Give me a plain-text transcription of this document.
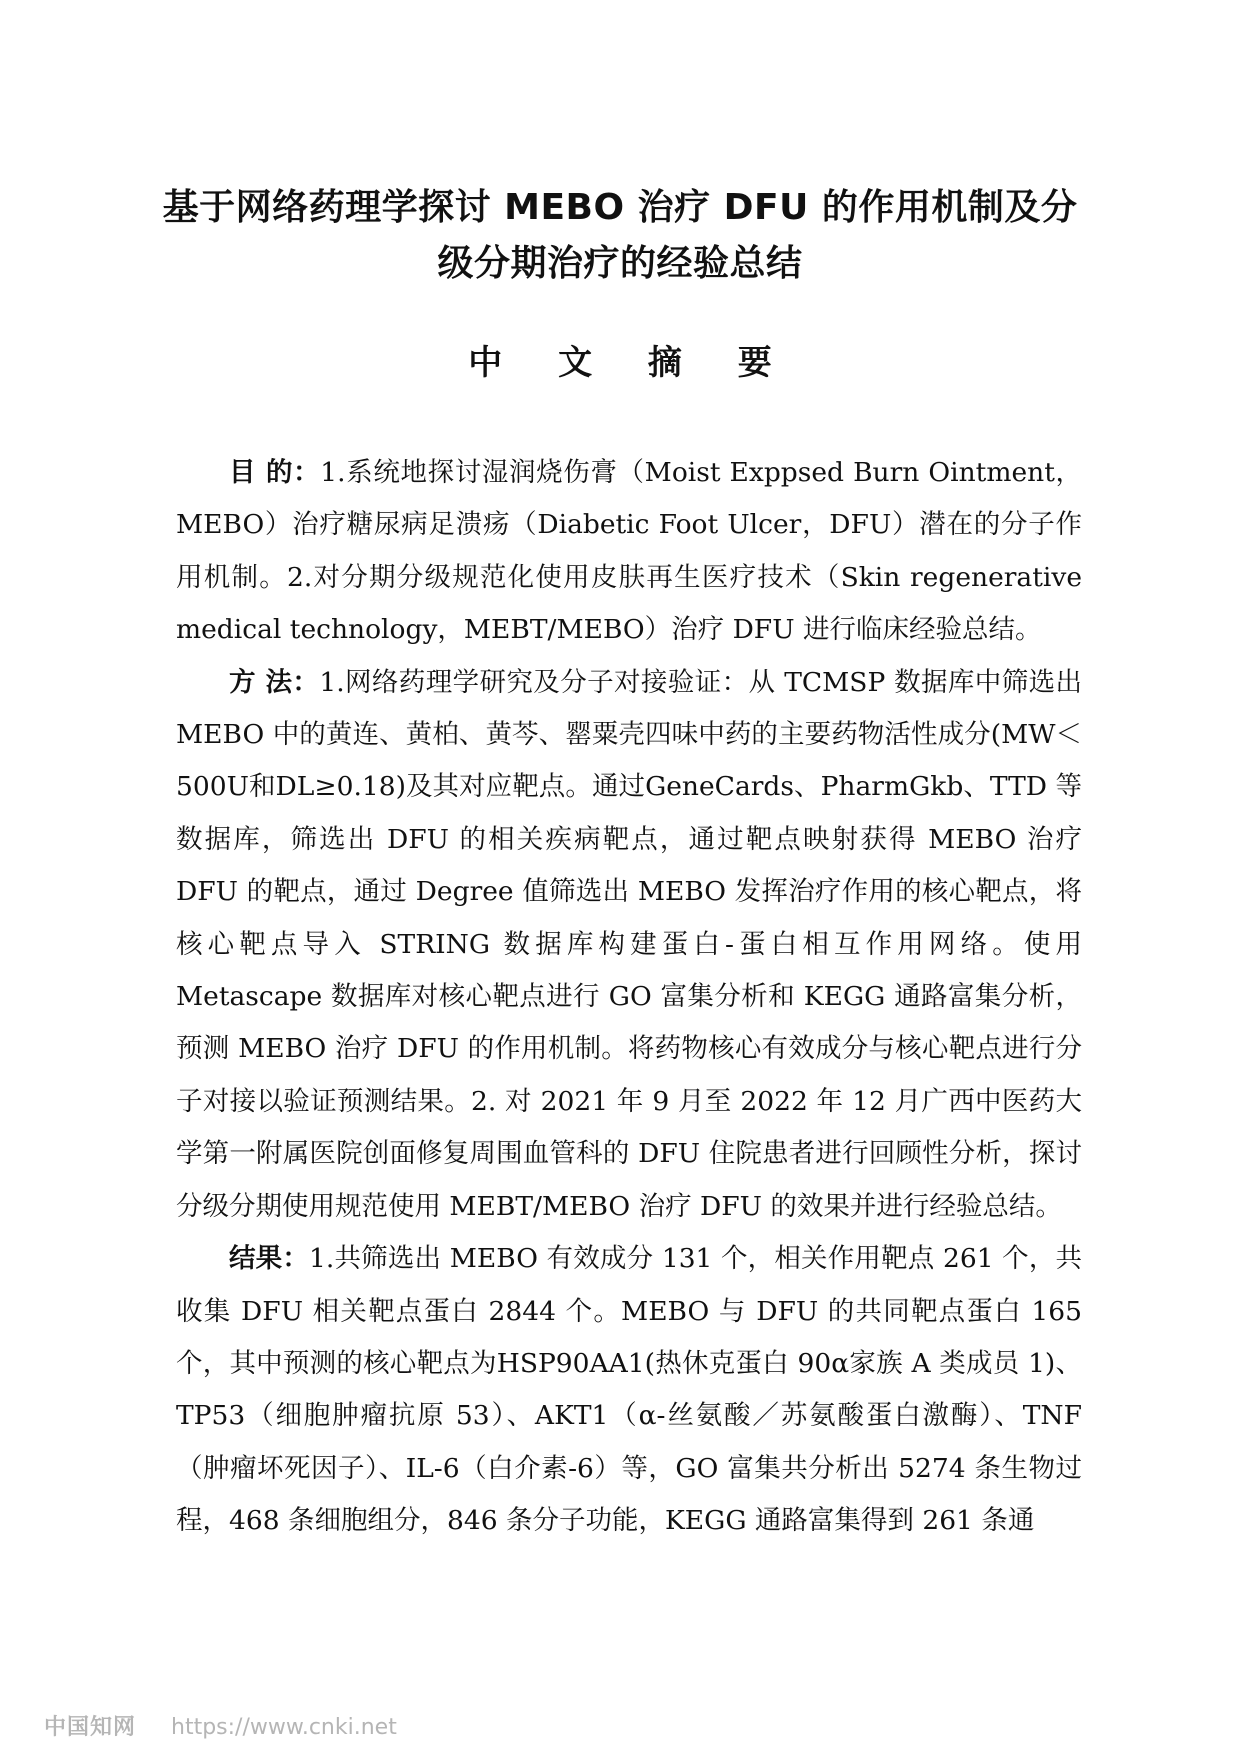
基于网络药理学探讨 MEBO 治疗 DFU 的作用机制及分
级分期治疗的经验总结
中 文 摘 要

目 的：1.系统地探讨湿润烧伤膏（Moist Exppsed Burn Ointment，MEBO）治疗糖尿病足溃疡（Diabetic Foot Ulcer，DFU）潜在的分子作用机制。2.对分期分级规范化使用皮肤再生医疗技术（Skin regenerative medical technology，MEBT/MEBO）治疗 DFU 进行临床经验总结。

方 法：1.网络药理学研究及分子对接验证：从 TCMSP 数据库中筛选出 MEBO 中的黄连、黄柏、黄芩、罂粟壳四味中药的主要药物活性成分(MW＜500U和DL≥0.18)及其对应靶点。通过GeneCards、PharmGkb、TTD 等数据库，筛选出 DFU 的相关疾病靶点，通过靶点映射获得 MEBO 治疗 DFU 的靶点，通过 Degree 值筛选出 MEBO 发挥治疗作用的核心靶点，将核心靶点导入 STRING 数据库构建蛋白-蛋白相互作用网络。使用 Metascape 数据库对核心靶点进行 GO 富集分析和 KEGG 通路富集分析，预测 MEBO 治疗 DFU 的作用机制。将药物核心有效成分与核心靶点进行分子对接以验证预测结果。2. 对 2021 年 9 月至 2022 年 12 月广西中医药大学第一附属医院创面修复周围血管科的 DFU 住院患者进行回顾性分析，探讨分级分期使用规范使用 MEBT/MEBO 治疗 DFU 的效果并进行经验总结。

结果：1.共筛选出 MEBO 有效成分 131 个，相关作用靶点 261 个，共收集 DFU 相关靶点蛋白 2844 个。MEBO 与 DFU 的共同靶点蛋白 165 个，其中预测的核心靶点为HSP90AA1(热休克蛋白 90α家族 A 类成员 1)、TP53（细胞肿瘤抗原 53）、AKT1（α-丝氨酸／苏氨酸蛋白激酶）、TNF（肿瘤坏死因子）、IL-6（白介素-6）等，GO 富集共分析出 5274 条生物过程，468 条细胞组分，846 条分子功能，KEGG 通路富集得到 261 条通

中国知网 https://www.cnki.net
